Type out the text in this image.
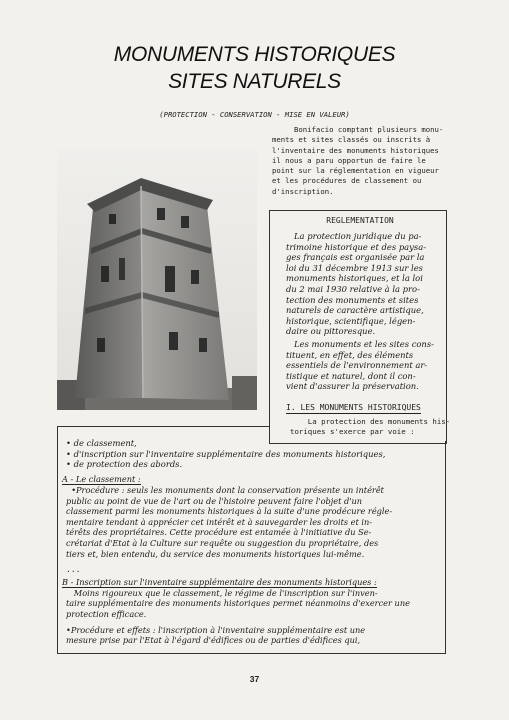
MONUMENTS HISTORIQUES
SITES NATURELS
(PROTECTION - CONSERVATION - MISE EN VALEUR)
Bonifacio comptant plusieurs monu-
ments et sites classés ou inscrits à
l'inventaire des monuments historiques
il nous a paru opportun de faire le
point sur la réglementation en vigueur
et les procédures de classement ou
d'inscription.
REGLEMENTATION
La protection juridique du pa-
trimoine historique et des paysa-
ges français est organisée par la
loi du 31 décembre 1913 sur les
monuments historiques, et la loi
du 2 mai 1930 relative à la pro-
tection des monuments et sites
naturels de caractère artistique,
historique, scientifique, légen-
daire ou pittoresque.
Les monuments et les sites cons-
tituent, en effet, des éléments
essentiels de l'environnement ar-
tistique et naturel, dont il con-
vient d'assurer la préservation.
I. LES MONUMENTS HISTORIQUES
La protection des monuments his-
toriques s'exerce par voie :
• de classement,
• d'inscription sur l'inventaire supplémentaire des monuments historiques,
• de protection des abords.
A - Le classement :
•Procédure : seuls les monuments dont la conservation présente un intérêt
public au point de vue de l'art ou de l'histoire peuvent faire l'objet d'un
classement parmi les monuments historiques à la suite d'une prodécure régle-
mentaire tendant à apprécier cet intérêt et à sauvegarder les droits et in-
térêts des propriétaires. Cette procédure est entamée à l'initiative du Se-
crétariat d'Etat à la Culture sur requête ou suggestion du propriétaire, des
tiers et, bien entendu, du service des monuments historiques lui-même.
...
B - Inscription sur l'inventaire supplémentaire des monuments historiques :
Moins rigoureux que le classement, le régime de l'inscription sur l'inven-
taire supplémentaire des monuments historiques permet néanmoins d'exercer une
protection efficace.
•Procédure et effets : l'inscription à l'inventaire supplémentaire est une
mesure prise par l'Etat à l'égard d'édifices ou de parties d'édifices qui,
37
